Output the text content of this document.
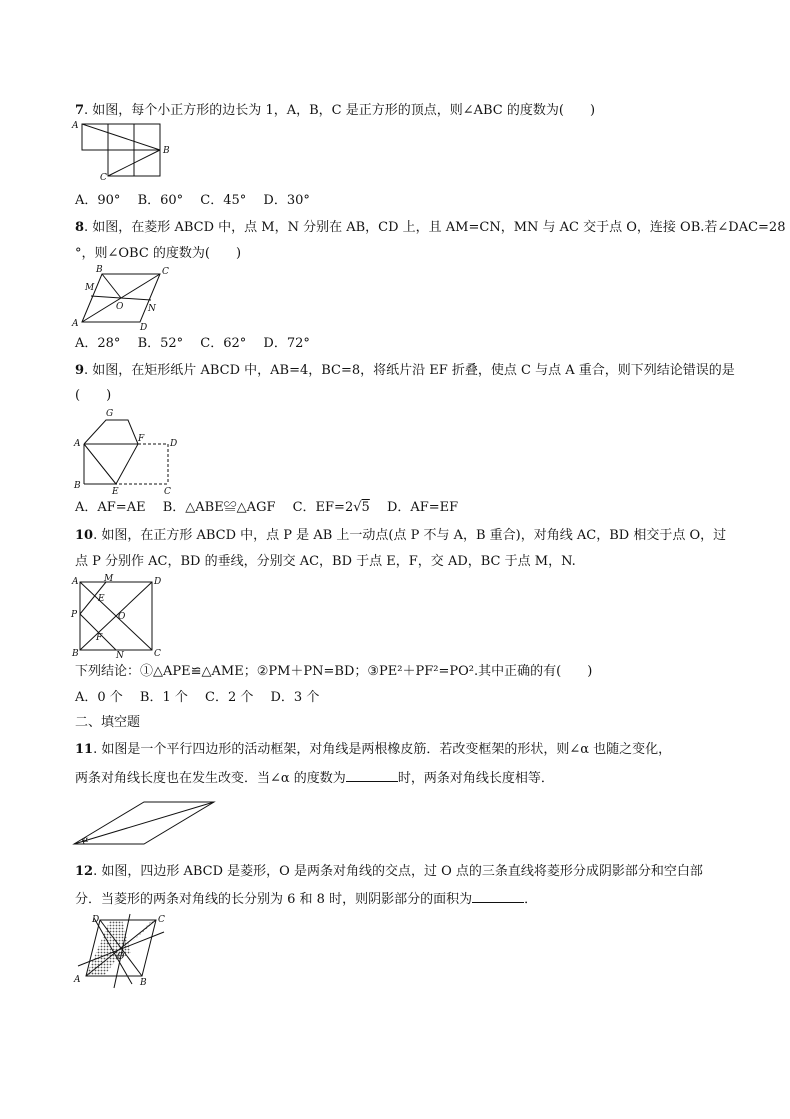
7. 如图，每个小正方形的边长为 1，A，B，C 是正方形的顶点，则∠ABC 的度数为(　　)
A
B
C
A．90°　 B．60°　 C．45°　 D．30°
8. 如图，在菱形 ABCD 中，点 M，N 分别在 AB，CD 上，且 AM=CN，MN 与 AC 交于点 O，连接 OB.若∠DAC=28
°，则∠OBC 的度数为(　　)
B	C
M
O	N
A	D
A．28°　 B．52°　 C．62°　 D．72°
9. 如图，在矩形纸片 ABCD 中，AB=4，BC=8，将纸片沿 EF 折叠，使点 C 与点 A 重合，则下列结论错误的是
(　　)
G
A	F	D
B
E	C
A．AF=AE　 B．△ABE≌△AGF　 C．EF=2√5　 D．AF=EF
10. 如图，在正方形 ABCD 中，点 P 是 AB 上一动点(点 P 不与 A，B 重合)，对角线 AC，BD 相交于点 O，过
点 P 分别作 AC，BD 的垂线，分别交 AC，BD 于点 E，F，交 AD，BC 于点 M，N.
A	M	D
E
P	O
F
B	N	C
下列结论：①△APE≌△AME；②PM＋PN=BD；③PE²＋PF²=PO².其中正确的有(　　)
A．0 个　 B．1 个　 C．2 个　 D．3 个
二、填空题
11. 如图是一个平行四边形的活动框架，对角线是两根橡皮筋．若改变框架的形状，则∠α 也随之变化，
两条对角线长度也在发生改变．当∠α 的度数为	时，两条对角线长度相等．
α
12. 如图，四边形 ABCD 是菱形，O 是两条对角线的交点，过 O 点的三条直线将菱形分成阴影部分和空白部
分．当菱形的两条对角线的长分别为 6 和 8 时，则阴影部分的面积为	．
D	C
O
A	B
